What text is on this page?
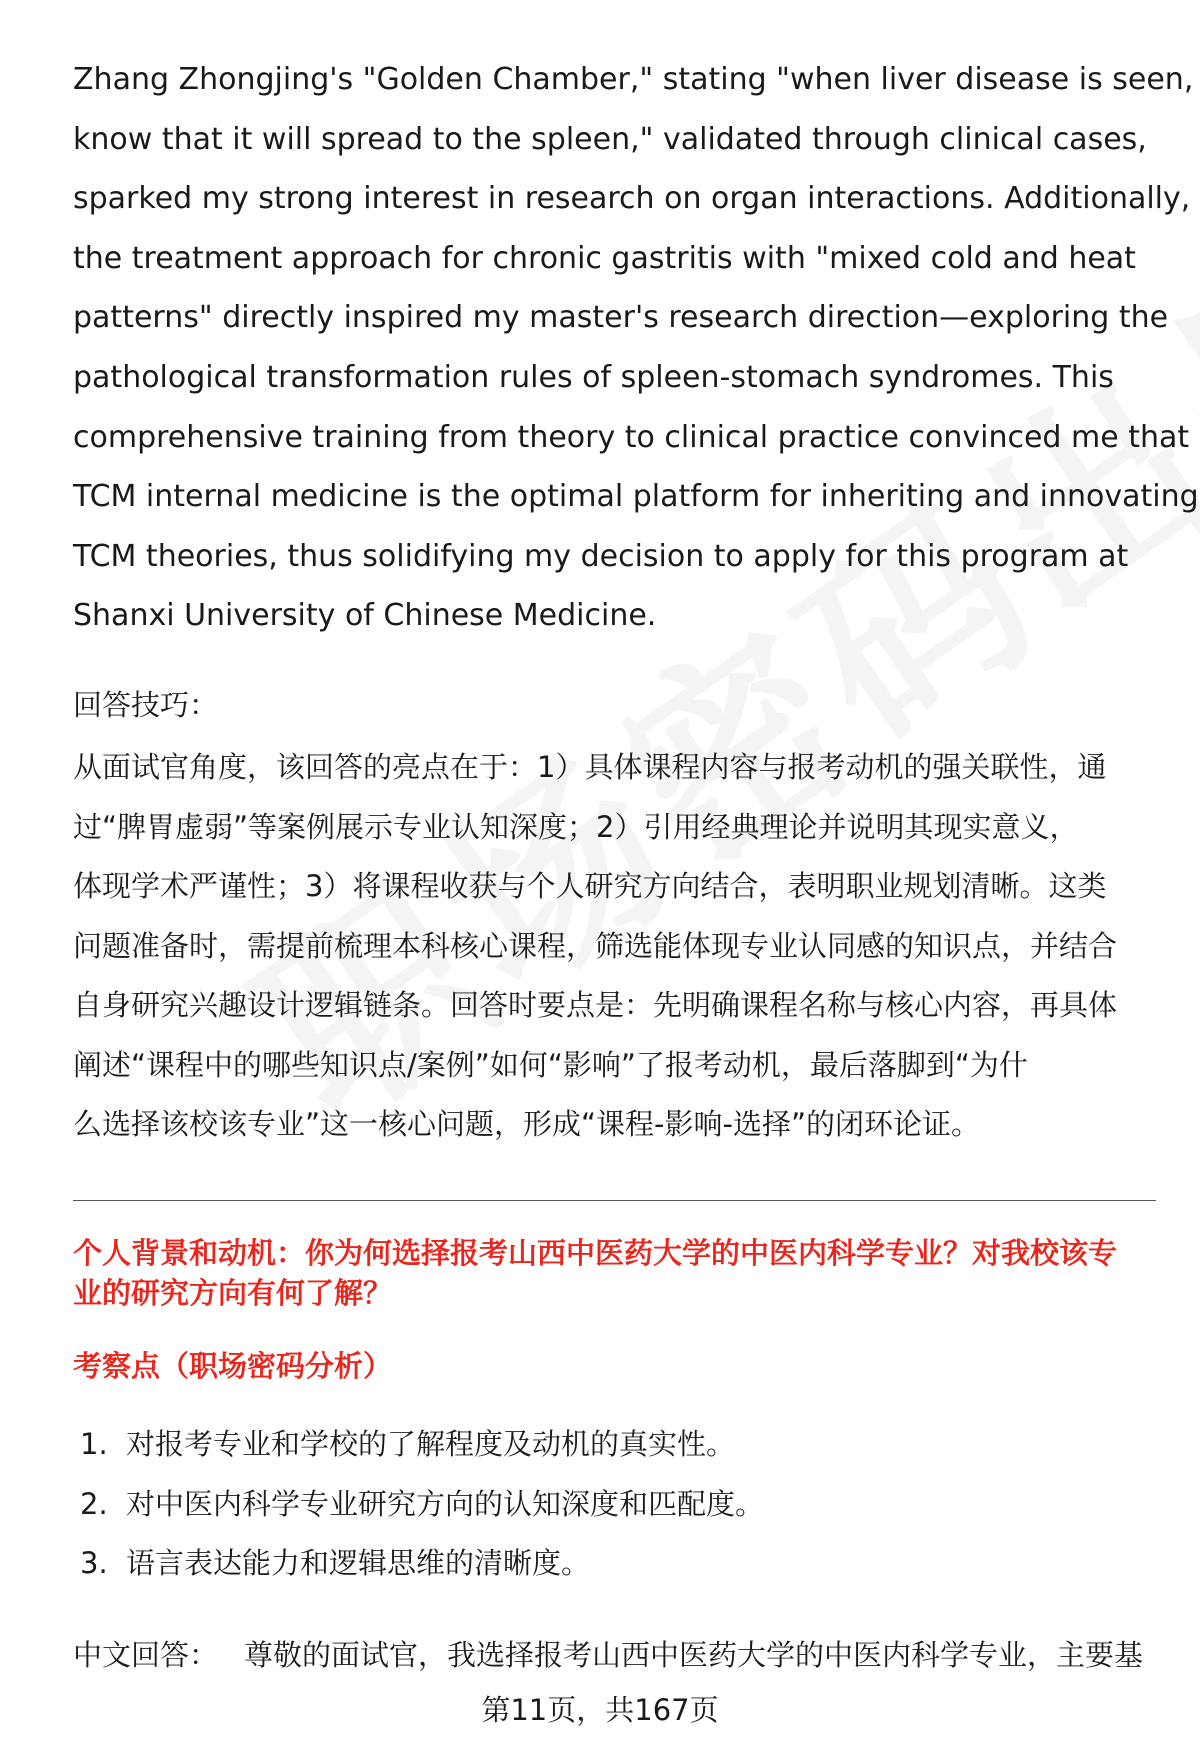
Zhang Zhongjing's "Golden Chamber," stating "when liver disease is seen,
know that it will spread to the spleen," validated through clinical cases,
sparked my strong interest in research on organ interactions. Additionally,
the treatment approach for chronic gastritis with "mixed cold and heat
patterns" directly inspired my master's research direction—exploring the
pathological transformation rules of spleen-stomach syndromes. This
comprehensive training from theory to clinical practice convinced me that
TCM internal medicine is the optimal platform for inheriting and innovating
TCM theories, thus solidifying my decision to apply for this program at
Shanxi University of Chinese Medicine.

回答技巧：

从面试官角度，该回答的亮点在于：1）具体课程内容与报考动机的强关联性，通
过“脾胃虚弱”等案例展示专业认知深度；2）引用经典理论并说明其现实意义，
体现学术严谨性；3）将课程收获与个人研究方向结合，表明职业规划清晰。这类
问题准备时，需提前梳理本科核心课程，筛选能体现专业认同感的知识点，并结合
自身研究兴趣设计逻辑链条。回答时要点是：先明确课程名称与核心内容，再具体
阐述“课程中的哪些知识点/案例”如何“影响”了报考动机，最后落脚到“为什
么选择该校该专业”这一核心问题，形成“课程-影响-选择”的闭环论证。

个人背景和动机：你为何选择报考山西中医药大学的中医内科学专业？对我校该专
业的研究方向有何了解？

考察点（职场密码分析）

1. 对报考专业和学校的了解程度及动机的真实性。
2. 对中医内科学专业研究方向的认知深度和匹配度。
3. 语言表达能力和逻辑思维的清晰度。

中文回答： 尊敬的面试官，我选择报考山西中医药大学的中医内科学专业，主要基

第11页，共167页
